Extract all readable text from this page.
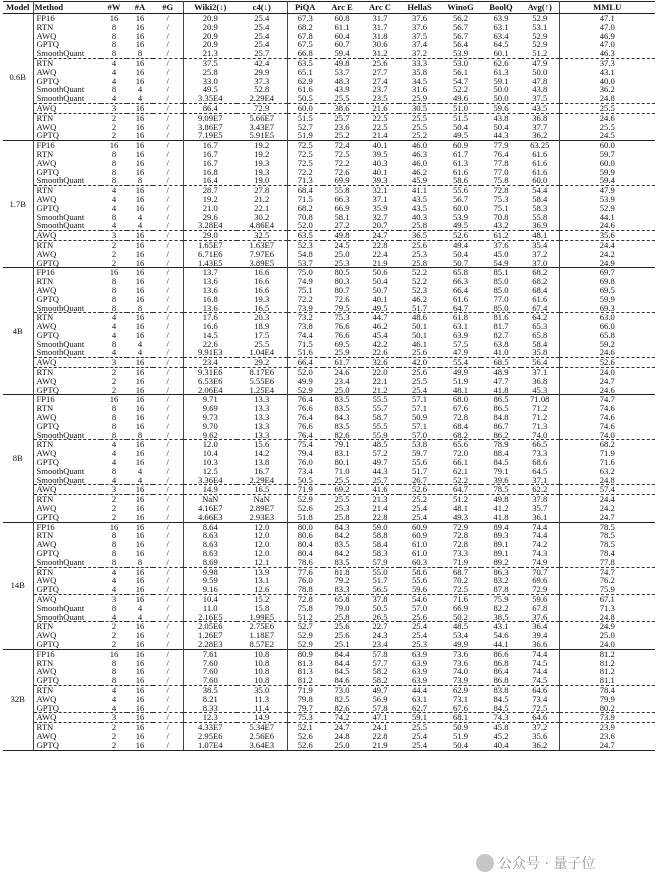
Model	Method	#W	#A	#G	Wiki2(↓)	c4(↓)	PiQA	Arc E	Arc C	HellaS	WinoG	BoolQ	Avg(↑)	MMLU
0.6B	FP16	16	16	/	20.9	25.4	67.3	60.8	31.7	37.6	56.2	63.9	52.9	47.1
	RTN	8	16	/	20.9	25.4	68.2	61.1	31.7	37.6	56.7	63.1	53.1	47.0
	AWQ	8	16	/	20.9	25.4	67.8	60.4	31.8	37.5	56.7	63.4	52.9	46.9
	GPTQ	8	16	/	20.9	25.4	67.5	60.7	30.6	37.4	56.4	64.5	52.9	47.0
	SmoothQuant	8	8	/	21.3	25.7	66.8	59.4	31.2	37.2	53.9	60.1	51.2	46.3
	RTN	4	16	/	37.5	42.4	63.5	49.8	25.6	33.3	53.0	62.6	47.9	37.3
	AWQ	4	16	/	25.8	29.9	65.1	53.7	27.7	35.8	56.1	61.3	50.0	43.1
	GPTQ	4	16	/	33.0	37.3	62.9	48.3	27.4	34.5	54.7	59.1	47.8	40.0
	SmoothQuant	8	4	/	49.5	52.8	61.6	43.9	23.7	31.6	52.2	50.0	43.8	36.2
	SmoothQuant	4	4	/	3.35E4	2.29E4	50.5	25.5	23.5	25.9	49.6	50.0	37.5	24.8
	AWQ	3	16	/	86.4	72.9	60.0	38.6	21.6	30.5	51.0	59.6	43.5	25.5
	RTN	2	16	/	9.09E7	5.66E7	51.5	25.7	22.5	25.5	51.5	43.8	36.8	24.6
	AWQ	2	16	/	3.86E7	3.43E7	52.7	23.6	22.5	25.5	50.4	50.4	37.7	25.5
	GPTQ	2	16	/	7.19E5	5.91E5	51.9	25.2	21.4	25.2	49.5	44.3	36.2	24.5
1.7B	FP16	16	16	/	16.7	19.2	72.5	72.4	40.1	46.0	60.9	77.9	63.25	60.0
	RTN	8	16	/	16.7	19.2	72.5	72.5	39.5	46.3	61.7	76.4	61.6	59.7
	AWQ	8	16	/	16.7	19.3	72.5	72.2	40.3	46.0	61.3	77.8	61.6	60.0
	GPTQ	8	16	/	16.8	19.3	72.2	72.6	40.1	46.2	61.6	77.0	61.6	59.9
	SmoothQuant	8	8	/	16.4	19.0	71.3	69.9	39.3	45.9	58.6	75.8	60.0	59.4
	RTN	4	16	/	28.7	27.8	68.4	55.8	32.1	41.1	55.6	72.8	54.4	47.9
	AWQ	4	16	/	19.2	21.2	71.5	66.3	37.1	43.5	56.7	75.3	58.4	53.9
	GPTQ	4	16	/	21.0	22.1	68.2	66.9	35.9	43.5	60.0	75.1	58.3	52.9
	SmoothQuant	8	4	/	29.6	30.2	70.8	58.1	32.7	40.3	53.9	70.8	55.8	44.1
	SmoothQuant	4	4	/	3.28E4	4.86E4	52.0	27.2	20.7	25.8	49.5	43.2	36.9	24.6
	AWQ	3	16	/	29.0	32.5	63.5	49.8	24.7	36.5	52.6	61.2	48.1	35.6
	RTN	2	16	/	1.65E7	1.63E7	52.3	24.5	22.8	25.6	49.4	37.6	35.4	24.4
	AWQ	2	16	/	6.71E6	7.97E6	54.8	25.0	22.4	25.3	50.4	45.0	37.2	24.2
	GPTQ	2	16	/	1.43E5	3.89E5	53.7	25.3	21.9	25.8	50.7	54.9	37.0	24.9
4B	FP16	16	16	/	13.7	16.6	75.0	80.5	50.6	52.2	65.8	85.1	68.2	69.7
	RTN	8	16	/	13.6	16.6	74.9	80.3	50.4	52.2	66.3	85.0	68.2	69.8
	AWQ	8	16	/	13.6	16.6	75.1	80.7	50.7	52.3	66.4	85.0	68.4	69.5
	GPTQ	8	16	/	16.8	19.3	72.2	72.6	40.1	46.2	61.6	77.0	61.6	59.9
	SmoothQuant	8	8	/	13.6	16.5	73.9	79.5	49.5	51.7	64.7	85.0	67.4	69.3
	RTN	4	16	/	17.6	20.3	73.2	75.3	44.7	48.6	61.8	81.6	64.2	63.0
	AWQ	4	16	/	16.6	18.9	73.8	76.6	46.2	50.1	63.1	81.7	65.3	66.0
	GPTQ	4	16	/	14.5	17.5	74.4	76.6	45.4	50.1	63.9	82.7	65.8	65.8
	SmoothQuant	8	4	/	22.6	25.5	71.5	69.5	42.2	46.1	57.5	63.8	58.4	59.2
	SmoothQuant	4	4	/	9.91E3	1.04E4	51.6	25.9	22.6	25.6	47.9	41.0	35.8	24.6
	AWQ	3	16	/	23.4	29.2	66.4	61.7	32.6	42.0	55.4	68.5	56.4	52.6
	RTN	2	16	/	9.31E6	8.17E6	52.0	24.6	22.0	25.6	49.9	48.9	37.1	24.0
	AWQ	2	16	/	6.53E6	5.55E6	49.9	23.4	22.1	25.5	51.9	47.7	36.8	24.7
	GPTQ	2	16	/	2.06E4	1.25E4	52.9	25.0	21.2	25.4	48.1	41.8	45.3	24.6
8B	FP16	16	16	/	9.71	13.3	76.4	83.5	55.5	57.1	68.0	86.5	71.08	74.7
	RTN	8	16	/	9.69	13.3	76.6	83.5	55.7	57.1	67.6	86.5	71.2	74.6
	AWQ	8	16	/	9.73	13.3	76.4	84.3	58.7	50.9	72.8	84.8	71.2	74.6
	GPTQ	8	16	/	9.70	13.3	76.6	83.5	55.5	57.1	68.4	86.7	71.3	74.6
	SmoothQuant	8	8	/	9.62	13.3	76.4	82.6	55.9	57.0	68.2	86.2	74.0	74.0
	RTN	4	16	/	12.0	15.6	75.4	79.1	48.5	53.8	65.6	78.9	66.5	68.2
	AWQ	4	16	/	10.4	14.2	79.4	83.1	57.2	59.7	72.0	88.4	73.3	71.9
	GPTQ	4	16	/	10.3	13.8	76.0	80.1	49.7	55.6	66.1	84.5	68.6	71.6
	SmoothQuant	8	4	/	12.5	16.7	73.4	71.0	44.3	51.7	62.1	79.1	64.5	63.2
	SmoothQuant	4	4	/	3.36E4	2.29E4	50.5	25.5	25.7	26.7	52.2	39.6	37.1	24.8
	AWQ	3	16	/	14.9	16.5	71.9	69.2	41.6	52.6	64.7	78.5	62.2	57.4
	RTN	2	16	/	NaN	NaN	52.9	25.5	21.3	25.2	51.2	49.8	37.8	24.4
	AWQ	2	16	/	4.16E7	2.89E7	52.6	25.3	21.4	25.4	48.1	41.2	35.7	24.2
	GPTQ	2	16	/	4.66E3	2.93E3	51.8	25.8	22.8	25.4	49.3	41.8	36.1	24.7
14B	FP16	16	16	/	8.64	12.0	80.0	84.3	59.0	60.9	72.9	89.4	74.4	78.5
	RTN	8	16	/	8.63	12.0	80.6	84.2	58.8	60.9	72.8	89.3	74.4	78.5
	AWQ	8	16	/	8.63	12.0	80.4	83.5	58.4	61.0	72.8	89.1	74.2	78.5
	GPTQ	8	16	/	8.63	12.0	80.4	84.2	58.3	61.0	73.3	89.1	74.3	78.4
	SmoothQuant	8	8	/	8.69	12.1	78.6	83.5	57.9	60.3	71.9	89.2	74.9	77.8
	RTN	4	16	/	9.98	13.9	77.6	81.8	55.0	58.6	68.7	86.3	70.7	74.7
	AWQ	4	16	/	9.59	13.1	76.0	79.2	51.7	55.6	70.2	83.2	69.6	76.2
	GPTQ	4	16	/	9.16	12.6	78.8	83.3	56.5	59.6	72.5	87.8	72.9	75.9
	AWQ	3	16	/	10.4	15.2	72.8	65.8	37.8	54.6	71.6	75.9	59.6	67.1
	SmoothQuant	8	4	/	11.0	15.8	75.8	79.0	50.5	57.0	66.9	82.2	67.8	71.3
	SmoothQuant	4	4	/	2.16E5	1.99E5	51.2	25.8	26.5	25.6	50.2	38.5	37.6	24.8
	RTN	2	16	/	2.05E6	2.75E6	52.7	25.6	22.7	25.4	48.5	43.1	36.4	24.9
	AWQ	2	16	/	1.26E7	1.18E7	52.9	25.6	24.3	25.4	53.4	54.6	39.4	25.0
	GPTQ	2	16	/	2.28E3	8.57E2	52.9	25.1	23.4	25.3	49.9	44.1	36.6	24.0
32B	FP16	16	16	/	7.61	10.8	80.9	84.4	57.8	63.9	73.6	86.6	74.4	81.2
	RTN	8	16	/	7.60	10.8	81.3	84.4	57.7	63.9	73.6	86.8	74.5	81.2
	AWQ	8	16	/	7.60	10.8	81.3	84.5	58.2	63.9	74.0	86.4	74.4	81.2
	GPTQ	8	16	/	7.60	10.8	81.2	84.6	58.2	63.9	73.9	86.8	74.5	81.1
	RTN	4	16	/	38.5	35.0	71.9	73.0	49.7	44.4	62.9	83.8	64.6	78.4
	AWQ	4	16	/	8.21	11.3	79.8	82.5	56.9	63.1	73.1	84.5	73.4	79.9
	GPTQ	4	16	/	8.33	11.4	79.7	82.6	57.8	62.7	67.6	84.5	72.5	80.2
	AWQ	3	16	/	12.3	14.9	75.3	74.2	47.1	59.1	68.1	74.3	64.6	73.9
	RTN	2	16	/	4.33E7	5.34E7	52.1	24.7	24.1	25.5	50.9	45.8	37.2	23.9
	AWQ	2	16	/	2.95E6	2.56E6	52.6	24.8	22.8	25.4	51.9	45.2	35.6	23.6
	GPTQ	2	16	/	1.07E4	3.64E3	52.6	25.0	21.9	25.4	50.4	40.4	36.2	24.7
公众号 · 量子位
